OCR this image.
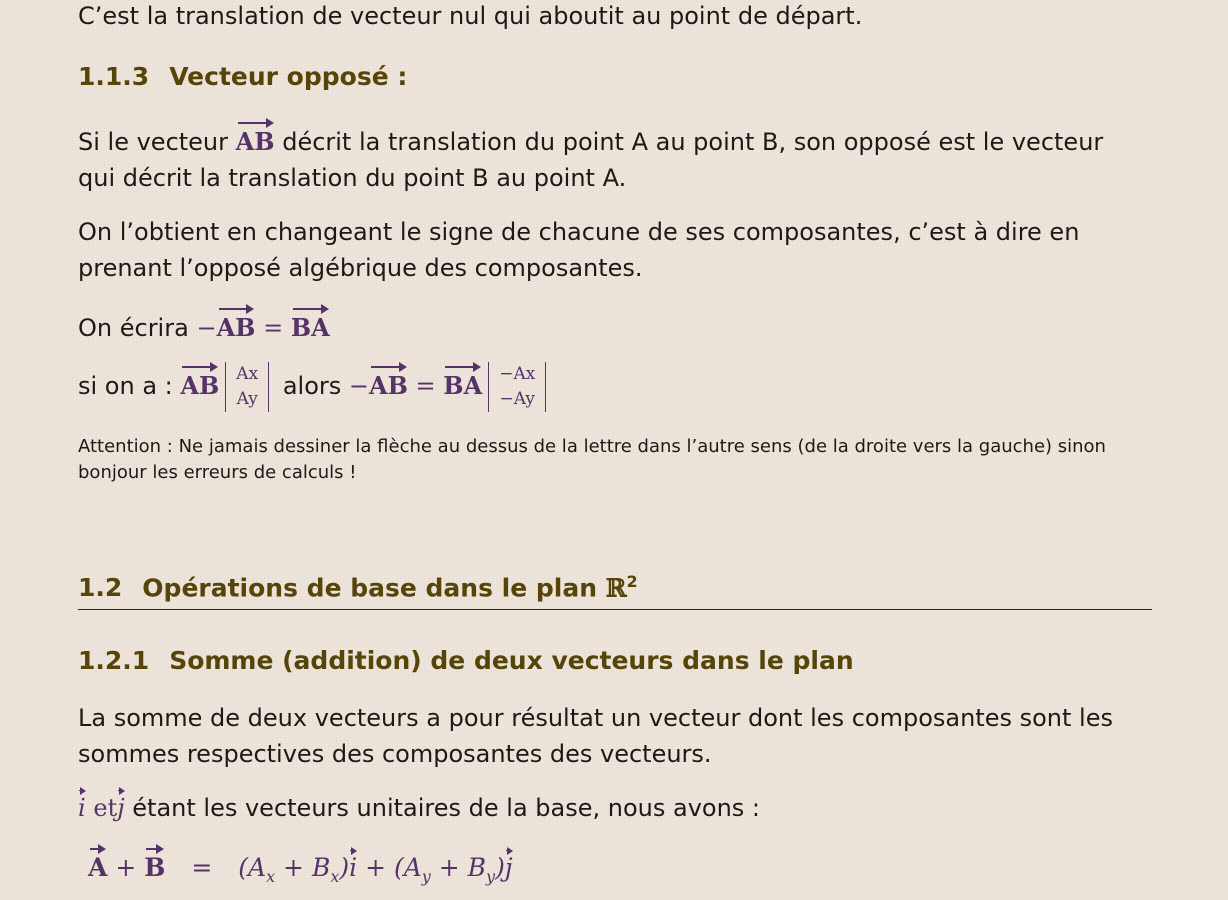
C’est la translation de vecteur nul qui aboutit au point de départ.
1.1.3 Vecteur opposé :
Si le vecteur AB décrit la translation du point A au point B, son opposé est le vecteur
qui décrit la translation du point B au point A.
On l’obtient en changeant le signe de chacune de ses composantes, c’est à dire en
prenant l’opposé algébrique des composantes.
On écrira −AB = BA
si on a : AB Ax
Ay alors −AB = BA −Ax
−Ay
Attention : Ne jamais dessiner la flèche au dessus de la lettre dans l’autre sens (de la droite vers la gauche) sinon bonjour les erreurs de calculs !
1.2 Opérations de base dans le plan ℝ$^2$
1.2.1 Somme (addition) de deux vecteurs dans le plan
La somme de deux vecteurs a pour résultat un vecteur dont les composantes sont les
sommes respectives des composantes des vecteurs.
i etj étant les vecteurs unitaires de la base, nous avons :
$A + B = (A_x + B_x)i + (A_y + B_y)j$
